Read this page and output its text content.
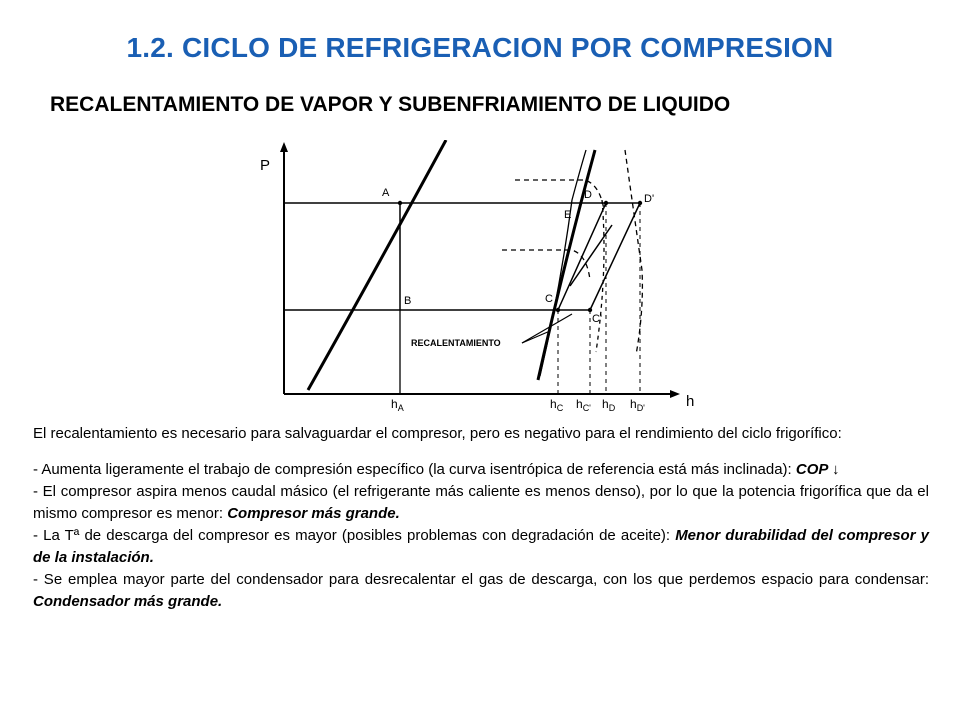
1.2. CICLO DE REFRIGERACION POR COMPRESION
RECALENTAMIENTO DE VAPOR Y SUBENFRIAMIENTO DE LIQUIDO
P
h
A
B	C
C'
D	D'
E
RECALENTAMIENTO
$h_A$	$h_C$ $h_{C'}$ $h_D$ $h_{D'}$

El recalentamiento es necesario para salvaguardar el compresor, pero es negativo para el rendimiento del ciclo frigorífico:

- Aumenta ligeramente el trabajo de compresión específico (la curva isentrópica de referencia está más inclinada): COP ↓

- El compresor aspira menos caudal másico (el refrigerante más caliente es menos denso), por lo que la potencia frigorífica que da el mismo compresor es menor: Compresor más grande.

- La Tª de descarga del compresor es mayor (posibles problemas con degradación de aceite): Menor durabilidad del compresor y de la instalación.

- Se emplea mayor parte del condensador para desrecalentar el gas de descarga, con los que perdemos espacio para condensar: Condensador más grande.
